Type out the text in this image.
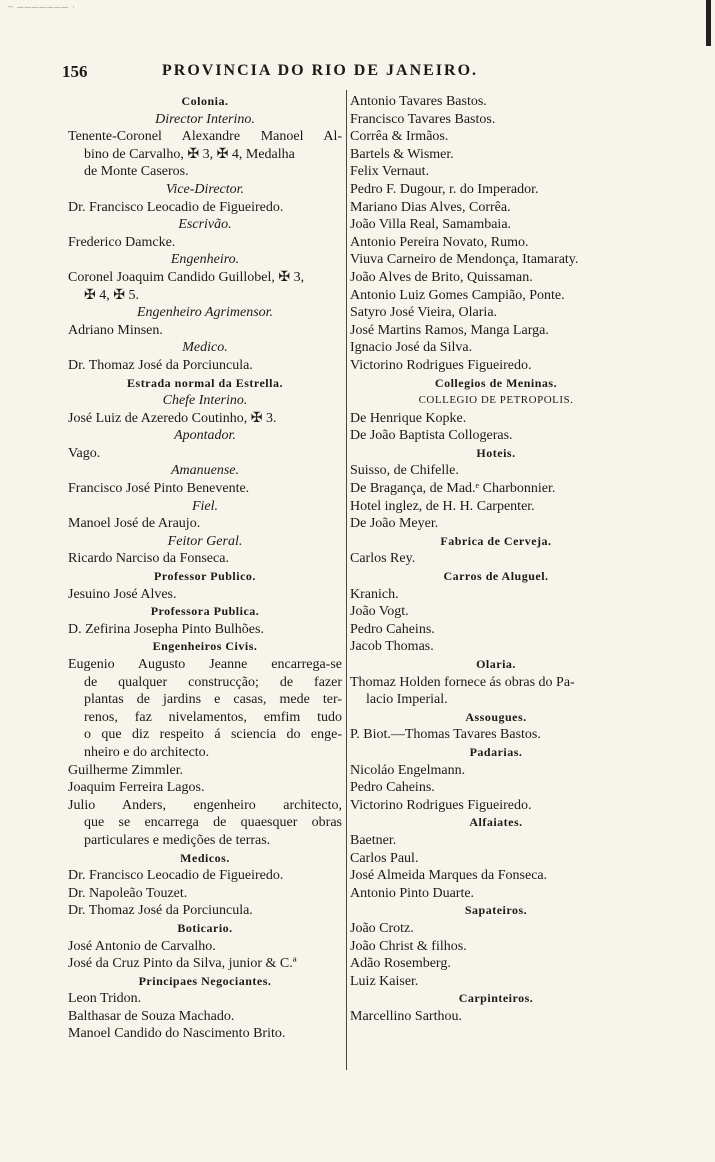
~ ─────── ·
156	PROVINCIA DO RIO DE JANEIRO.
Colonia.
Director Interino.
Tenente-Coronel Alexandre Manoel Al-
bino de Carvalho, ✠ 3, ✠ 4, Medalha
de Monte Caseros.
Vice-Director.
Dr. Francisco Leocadio de Figueiredo.
Escrivão.
Frederico Damcke.
Engenheiro.
Coronel Joaquim Candido Guillobel, ✠ 3,
✠ 4, ✠ 5.
Engenheiro Agrimensor.
Adriano Minsen.
Medico.
Dr. Thomaz José da Porciuncula.
Estrada normal da Estrella.
Chefe Interino.
José Luiz de Azeredo Coutinho, ✠ 3.
Apontador.
Vago.
Amanuense.
Francisco José Pinto Benevente.
Fiel.
Manoel José de Araujo.
Feitor Geral.
Ricardo Narciso da Fonseca.
Professor Publico.
Jesuino José Alves.
Professora Publica.
D. Zefirina Josepha Pinto Bulhões.
Engenheiros Civis.
Eugenio Augusto Jeanne encarrega-se
de qualquer construcção; de fazer
plantas de jardins e casas, mede ter-
renos, faz nivelamentos, emfim tudo
o que diz respeito á sciencia do enge-
nheiro e do architecto.
Guilherme Zimmler.
Joaquim Ferreira Lagos.
Julio Anders, engenheiro architecto,
que se encarrega de quaesquer obras
particulares e medições de terras.
Medicos.
Dr. Francisco Leocadio de Figueiredo.
Dr. Napoleão Touzet.
Dr. Thomaz José da Porciuncula.
Boticario.
José Antonio de Carvalho.
José da Cruz Pinto da Silva, junior & C.ª
Principaes Negociantes.
Leon Tridon.
Balthasar de Souza Machado.
Manoel Candido do Nascimento Brito.
Antonio Tavares Bastos.
Francisco Tavares Bastos.
Corrêa & Irmãos.
Bartels & Wismer.
Felix Vernaut.
Pedro F. Dugour, r. do Imperador.
Mariano Dias Alves, Corrêa.
João Villa Real, Samambaia.
Antonio Pereira Novato, Rumo.
Viuva Carneiro de Mendonça, Itamaraty.
João Alves de Brito, Quissaman.
Antonio Luiz Gomes Campião, Ponte.
Satyro José Vieira, Olaria.
José Martins Ramos, Manga Larga.
Ignacio José da Silva.
Victorino Rodrigues Figueiredo.
Collegios de Meninas.
COLLEGIO DE PETROPOLIS.
De Henrique Kopke.
De João Baptista Collogeras.
Hoteis.
Suisso, de Chifelle.
De Bragança, de Mad.ᵉ Charbonnier.
Hotel inglez, de H. H. Carpenter.
De João Meyer.
Fabrica de Cerveja.
Carlos Rey.
Carros de Aluguel.
Kranich.
João Vogt.
Pedro Caheins.
Jacob Thomas.
Olaria.
Thomaz Holden fornece ás obras do Pa-
lacio Imperial.
Assougues.
P. Biot.—Thomas Tavares Bastos.
Padarias.
Nicoláo Engelmann.
Pedro Caheins.
Victorino Rodrigues Figueiredo.
Alfaiates.
Baetner.
Carlos Paul.
José Almeida Marques da Fonseca.
Antonio Pinto Duarte.
Sapateiros.
João Crotz.
João Christ & filhos.
Adão Rosemberg.
Luiz Kaiser.
Carpinteiros.
Marcellino Sarthou.
